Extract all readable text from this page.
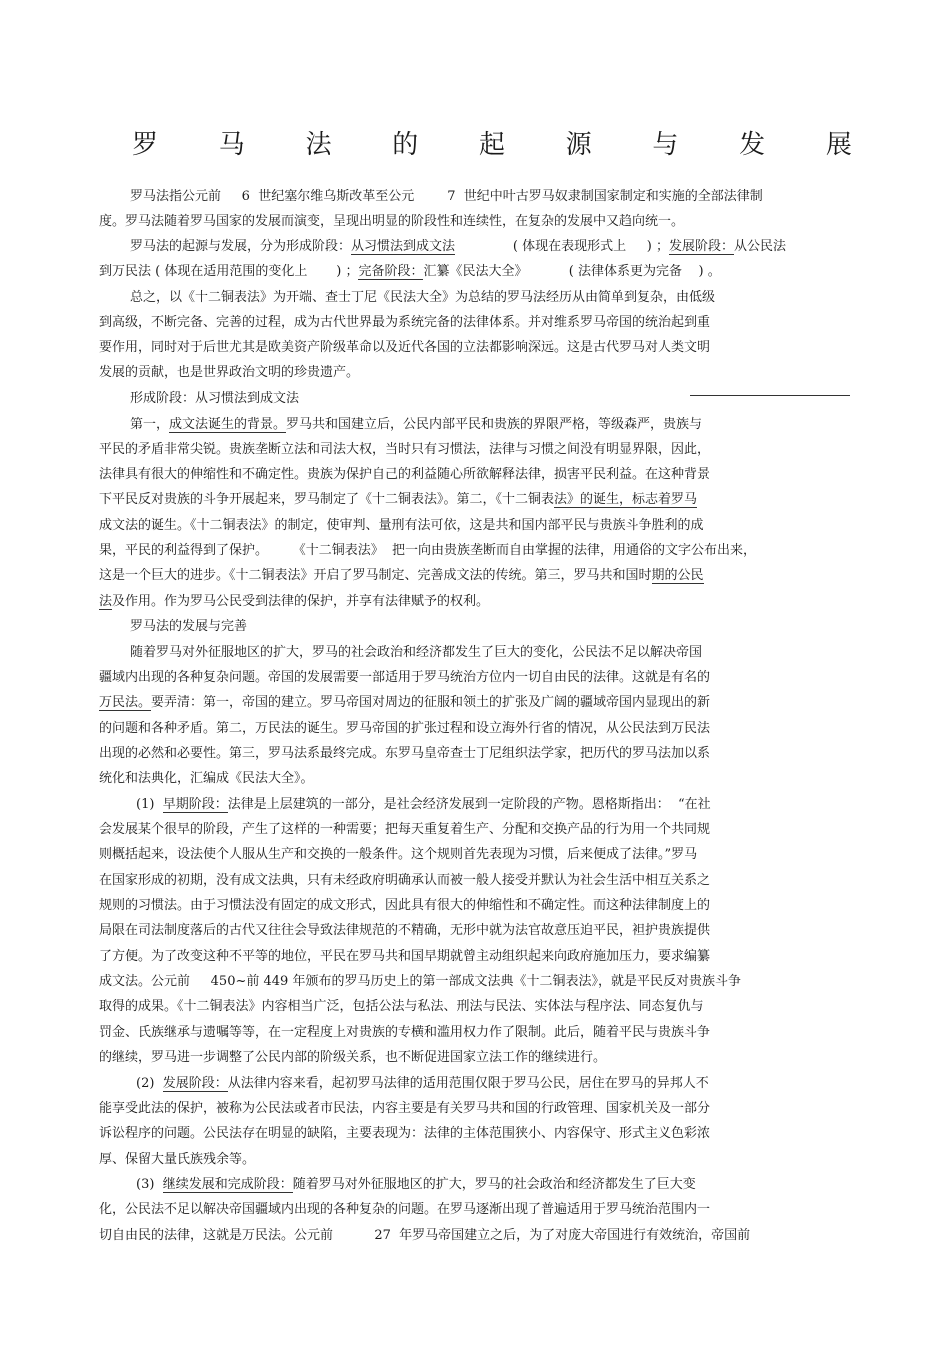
罗 马 法 的 起 源 与 发 展
罗马法指公元前     6  世纪塞尔维乌斯改革至公元        7  世纪中叶古罗马奴隶制国家制定和实施的全部法律制
度。罗马法随着罗马国家的发展而演变，呈现出明显的阶段性和连续性，在复杂的发展中又趋向统一。
罗马法的起源与发展，分为形成阶段：从习惯法到成文法              ( 体现在表现形式上     ) ；发展阶段：从公民法
到万民法 ( 体现在适用范围的变化上       ) ；完备阶段：汇纂《民法大全》          ( 法律体系更为完备    ) 。
总之，以《十二铜表法》为开端、查士丁尼《民法大全》为总结的罗马法经历从由简单到复杂，由低级
到高级，不断完备、完善的过程，成为古代世界最为系统完备的法律体系。并对维系罗马帝国的统治起到重
要作用，同时对于后世尤其是欧美资产阶级革命以及近代各国的立法都影响深远。这是古代罗马对人类文明
发展的贡献，也是世界政治文明的珍贵遗产。
形成阶段：从习惯法到成文法
第一，成文法诞生的背景。罗马共和国建立后，公民内部平民和贵族的界限严格，等级森严，贵族与
平民的矛盾非常尖锐。贵族垄断立法和司法大权，当时只有习惯法，法律与习惯之间没有明显界限，因此，
法律具有很大的伸缩性和不确定性。贵族为保护自己的利益随心所欲解释法律，损害平民利益。在这种背景
下平民反对贵族的斗争开展起来，罗马制定了《十二铜表法》。第二，《十二铜表法》的诞生，标志着罗马
成文法的诞生。《十二铜表法》的制定，使审判、量刑有法可依，这是共和国内部平民与贵族斗争胜利的成
果，平民的利益得到了保护。      《十二铜表法》  把一向由贵族垄断而自由掌握的法律，用通俗的文字公布出来，
这是一个巨大的进步。《十二铜表法》开启了罗马制定、完善成文法的传统。第三，罗马共和国时期的公民
法及作用。作为罗马公民受到法律的保护，并享有法律赋予的权利。
罗马法的发展与完善
随着罗马对外征服地区的扩大，罗马的社会政治和经济都发生了巨大的变化，公民法不足以解决帝国
疆域内出现的各种复杂问题。帝国的发展需要一部适用于罗马统治方位内一切自由民的法律。这就是有名的
万民法。要弄清：第一，帝国的建立。罗马帝国对周边的征服和领土的扩张及广阔的疆域帝国内显现出的新
的问题和各种矛盾。第二，万民法的诞生。罗马帝国的扩张过程和设立海外行省的情况，从公民法到万民法
出现的必然和必要性。第三，罗马法系最终完成。东罗马皇帝查士丁尼组织法学家，把历代的罗马法加以系
统化和法典化，汇编成《民法大全》。
(1)  早期阶段：法律是上层建筑的一部分，是社会经济发展到一定阶段的产物。恩格斯指出：  “在社
会发展某个很早的阶段，产生了这样的一种需要；把每天重复着生产、分配和交换产品的行为用一个共同规
则概括起来，设法使个人服从生产和交换的一般条件。这个规则首先表现为习惯，后来便成了法律。”罗马
在国家形成的初期，没有成文法典，只有未经政府明确承认而被一般人接受并默认为社会生活中相互关系之
规则的习惯法。由于习惯法没有固定的成文形式，因此具有很大的伸缩性和不确定性。而这种法律制度上的
局限在司法制度落后的古代又往往会导致法律规范的不精确，无形中就为法官故意压迫平民，袒护贵族提供
了方便。为了改变这种不平等的地位，平民在罗马共和国早期就曾主动组织起来向政府施加压力，要求编纂
成文法。公元前     450~前 449 年颁布的罗马历史上的第一部成文法典《十二铜表法》，就是平民反对贵族斗争
取得的成果。《十二铜表法》内容相当广泛，包括公法与私法、刑法与民法、实体法与程序法、同态复仇与
罚金、氏族继承与遗嘱等等，在一定程度上对贵族的专横和滥用权力作了限制。此后，随着平民与贵族斗争
的继续，罗马进一步调整了公民内部的阶级关系，也不断促进国家立法工作的继续进行。
(2)  发展阶段：从法律内容来看，起初罗马法律的适用范围仅限于罗马公民，居住在罗马的异邦人不
能享受此法的保护，被称为公民法或者市民法，内容主要是有关罗马共和国的行政管理、国家机关及一部分
诉讼程序的问题。公民法存在明显的缺陷，主要表现为：法律的主体范围狭小、内容保守、形式主义色彩浓
厚、保留大量氏族残余等。
(3)  继续发展和完成阶段：随着罗马对外征服地区的扩大，罗马的社会政治和经济都发生了巨大变
化，公民法不足以解决帝国疆域内出现的各种复杂的问题。在罗马逐渐出现了普遍适用于罗马统治范围内一
切自由民的法律，这就是万民法。公元前          27  年罗马帝国建立之后，为了对庞大帝国进行有效统治，帝国前
